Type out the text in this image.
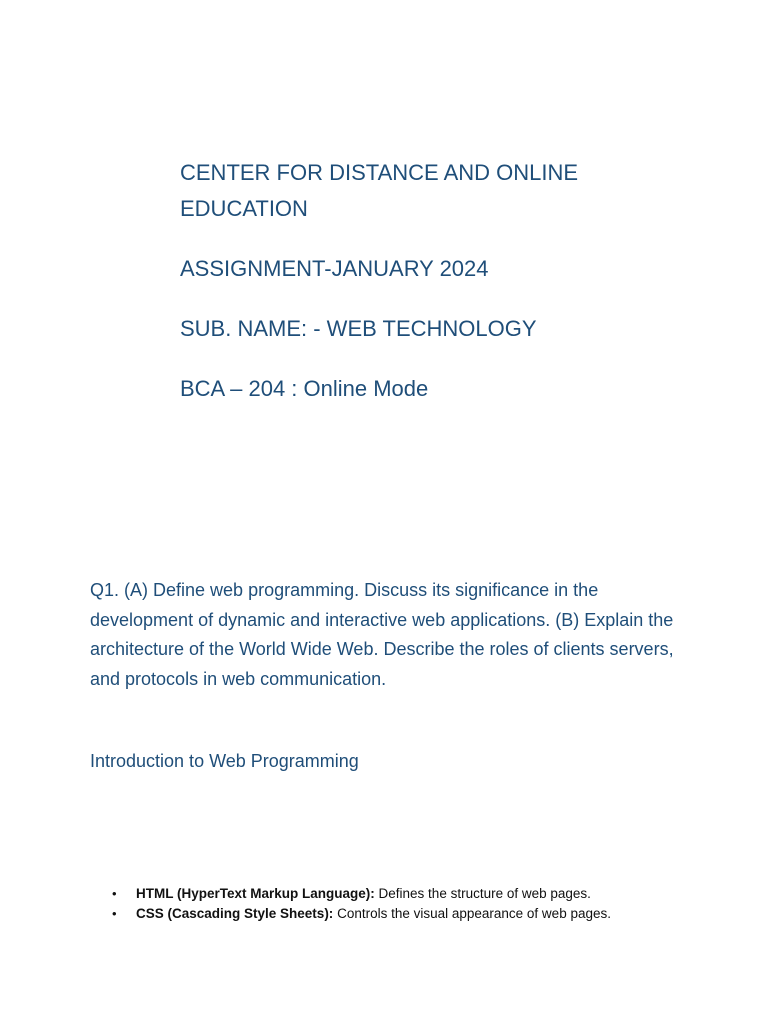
CENTER FOR DISTANCE AND ONLINE
EDUCATION
ASSIGNMENT-JANUARY 2024
SUB. NAME: - WEB TECHNOLOGY
BCA – 204 : Online Mode

Q1. (A) Define web programming. Discuss its significance in the development of dynamic and interactive web applications. (B) Explain the architecture of the World Wide Web. Describe the roles of clients servers, and protocols in web communication.

Introduction to Web Programming

• HTML (HyperText Markup Language): Defines the structure of web pages.
• CSS (Cascading Style Sheets): Controls the visual appearance of web pages.
